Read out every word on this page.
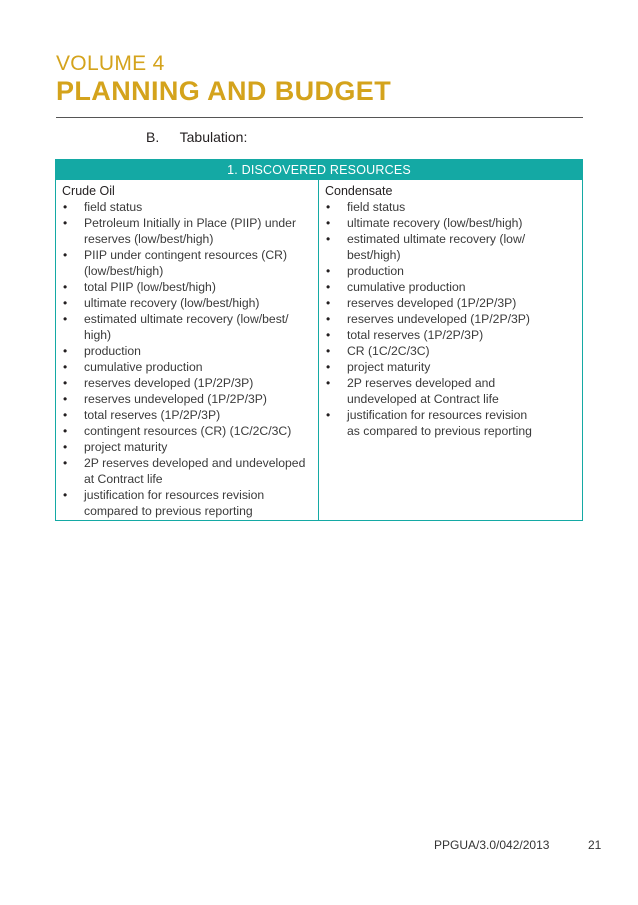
VOLUME 4
PLANNING AND BUDGET
B. Tabulation:
1. DISCOVERED RESOURCES
Crude Oil
• field status
• Petroleum Initially in Place (PIIP) under
reserves (low/best/high)
• PIIP under contingent resources (CR)
(low/best/high)
• total PIIP (low/best/high)
• ultimate recovery (low/best/high)
• estimated ultimate recovery (low/best/
high)
• production
• cumulative production
• reserves developed (1P/2P/3P)
• reserves undeveloped (1P/2P/3P)
• total reserves (1P/2P/3P)
• contingent resources (CR) (1C/2C/3C)
• project maturity
• 2P reserves developed and undeveloped
at Contract life
• justification for resources revision
compared to previous reporting
Condensate
• field status
• ultimate recovery (low/best/high)
• estimated ultimate recovery (low/
best/high)
• production
• cumulative production
• reserves developed (1P/2P/3P)
• reserves undeveloped (1P/2P/3P)
• total reserves (1P/2P/3P)
• CR (1C/2C/3C)
• project maturity
• 2P reserves developed and
undeveloped at Contract life
• justification for resources revision
as compared to previous reporting
PPGUA/3.0/042/2013	21
